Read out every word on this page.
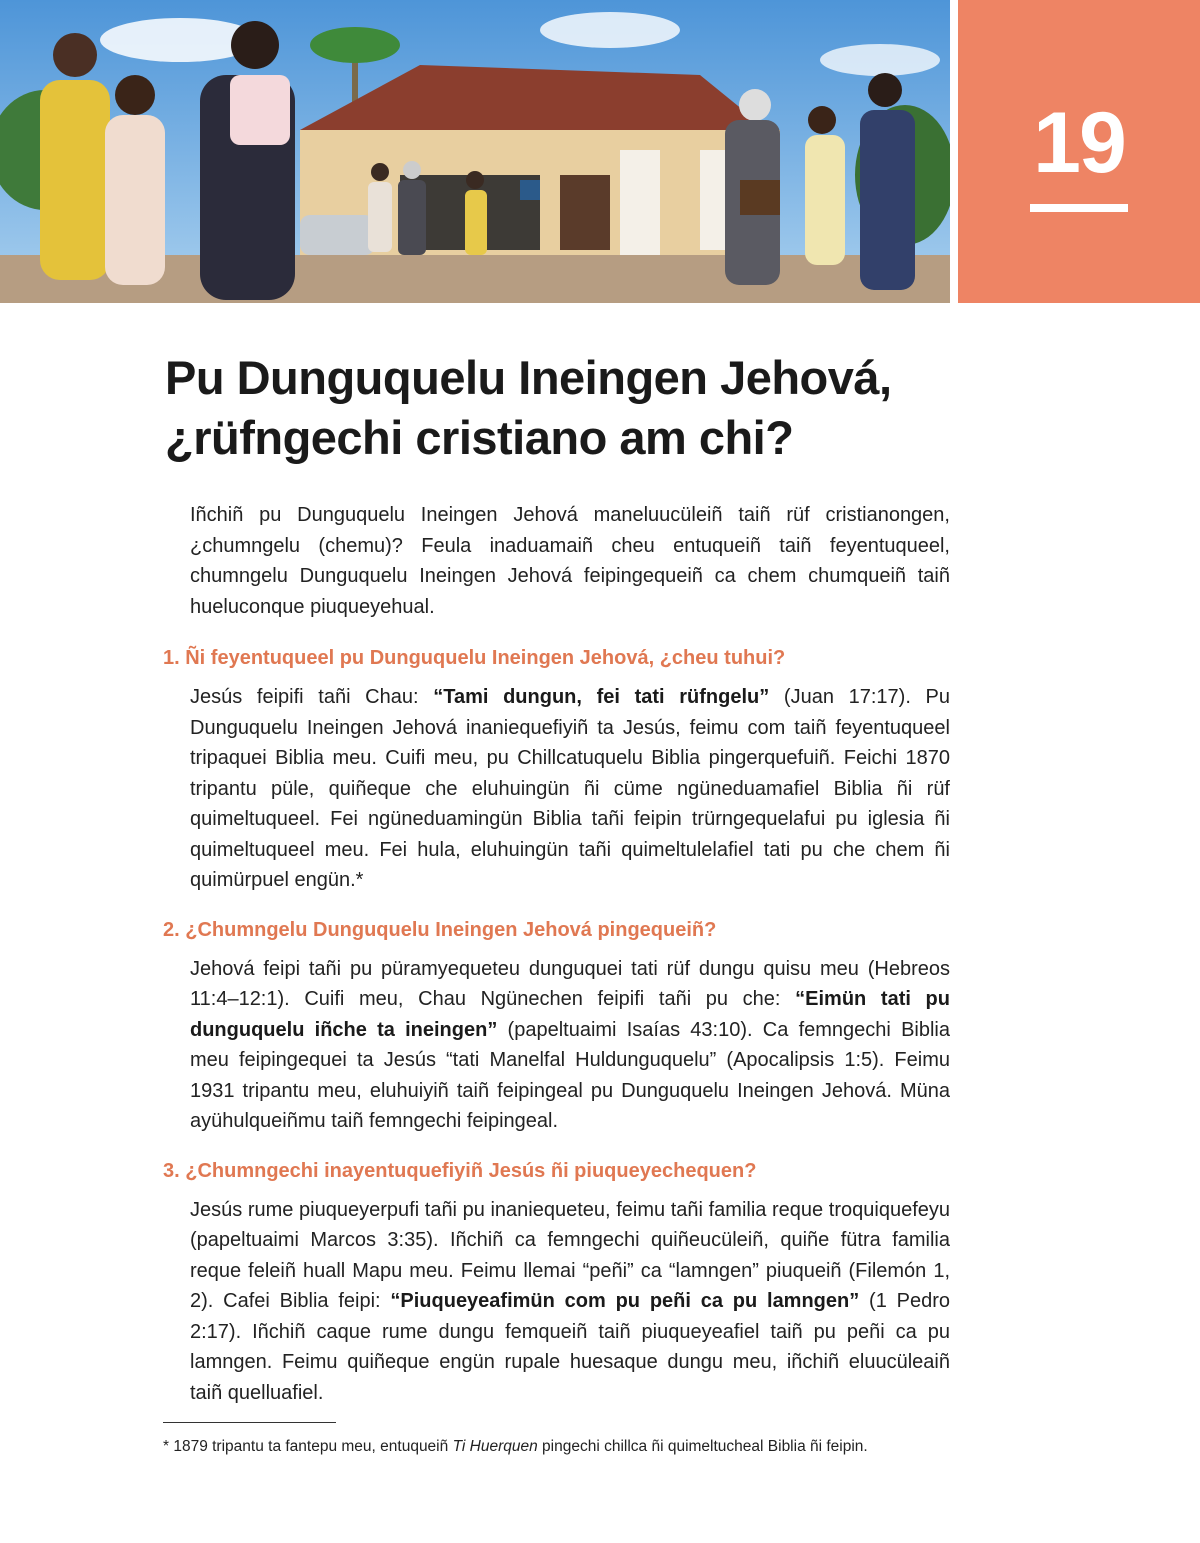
19
Pu Dunguquelu Ineingen Jehová,
¿rüfngechi cristiano am chi?

Iñchiñ pu Dunguquelu Ineingen Jehová maneluucüleiñ taiñ rüf cristianongen, ¿chumngelu (chemu)? Feula inaduamaiñ cheu entuqueiñ taiñ feyentuqueel, chumngelu Dunguquelu Ineingen Jehová feipingequeiñ ca chem chumqueiñ taiñ hueluconque piuqueyehual.

1. Ñi feyentuqueel pu Dunguquelu Ineingen Jehová, ¿cheu tuhui?

Jesús feipifi tañi Chau: “Tami dungun, fei tati rüfngelu” (Juan 17:17). Pu Dunguquelu Ineingen Jehová inaniequefiyiñ ta Jesús, feimu com taiñ feyentuqueel tripaquei Biblia meu. Cuifi meu, pu Chillcatuquelu Biblia pingerquefuiñ. Feichi 1870 tripantu püle, quiñeque che eluhuingün ñi cüme ngüneduamafiel Biblia ñi rüf quimeltuqueel. Fei ngüneduamingün Biblia tañi feipin trürngequelafui pu iglesia ñi quimeltuqueel meu. Fei hula, eluhuingün tañi quimeltulelafiel tati pu che chem ñi quimürpuel engün.*

2. ¿Chumngelu Dunguquelu Ineingen Jehová pingequeiñ?

Jehová feipi tañi pu püramyequeteu dunguquei tati rüf dungu quisu meu (Hebreos 11:4–12:1). Cuifi meu, Chau Ngünechen feipifi tañi pu che: “Eimün tati pu dunguquelu iñche ta ineingen” (papeltuaimi Isaías 43:10). Ca femngechi Biblia meu feipingequei ta Jesús “tati Manelfal Huldunguquelu” (Apocalipsis 1:5). Feimu 1931 tripantu meu, eluhuiyiñ taiñ feipingeal pu Dunguquelu Ineingen Jehová. Müna ayühulqueiñmu taiñ femngechi feipingeal.

3. ¿Chumngechi inayentuquefiyiñ Jesús ñi piuqueyechequen?

Jesús rume piuqueyerpufi tañi pu inaniequeteu, feimu tañi familia reque troquiquefeyu (papeltuaimi Marcos 3:35). Iñchiñ ca femngechi quiñeucüleiñ, quiñe fütra familia reque feleiñ huall Mapu meu. Feimu llemai “peñi” ca “lamngen” piuqueiñ (Filemón 1, 2). Cafei Biblia feipi: “Piuqueyeafimün com pu peñi ca pu lamngen” (1 Pedro 2:17). Iñchiñ caque rume dungu femqueiñ taiñ piuqueyeafiel taiñ pu peñi ca pu lamngen. Feimu quiñeque engün rupale huesaque dungu meu, iñchiñ eluucüleaiñ taiñ quelluafiel.

* 1879 tripantu ta fantepu meu, entuqueiñ Ti Huerquen pingechi chillca ñi quimeltucheal Biblia ñi feipin.
